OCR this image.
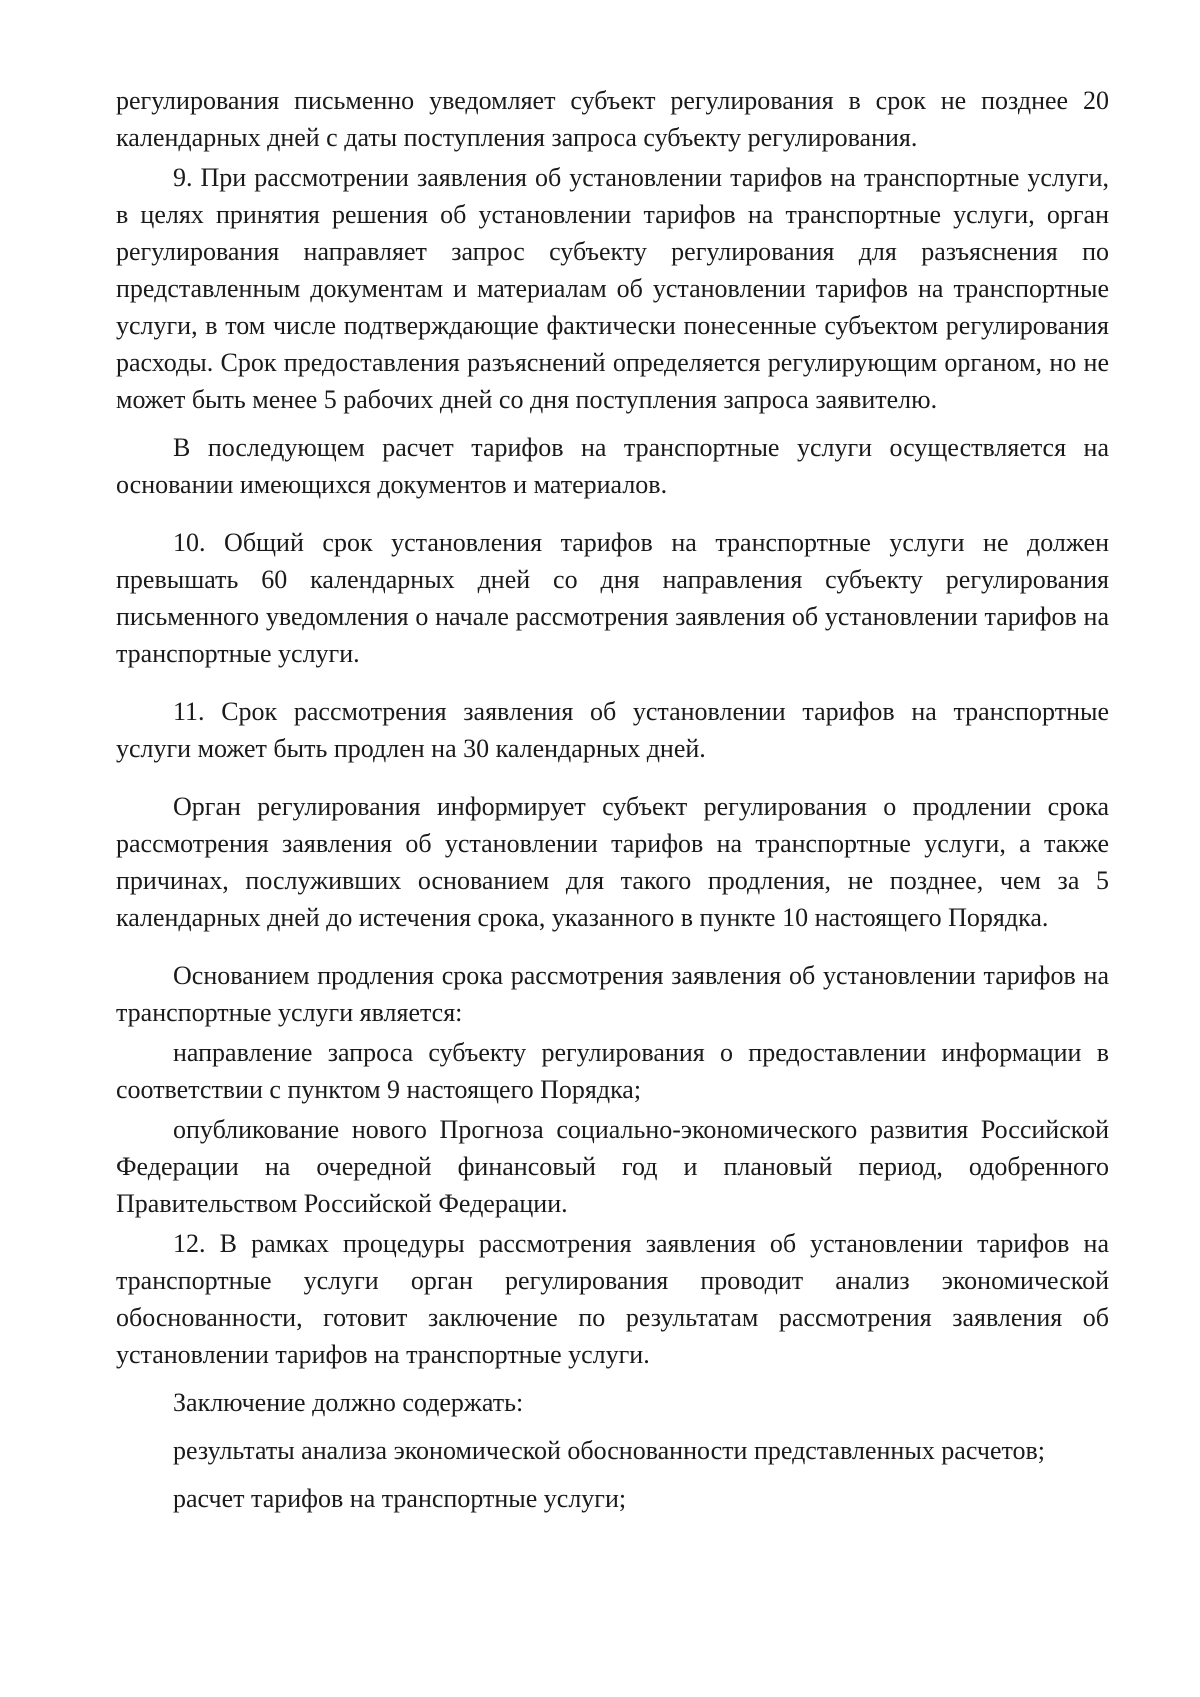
регулирования письменно уведомляет субъект регулирования в срок не позднее 20 календарных дней с даты поступления запроса субъекту регулирования.

9. При рассмотрении заявления об установлении тарифов на транспортные услуги, в целях принятия решения об установлении тарифов на транспортные услуги, орган регулирования направляет запрос субъекту регулирования для разъяснения по представленным документам и материалам об установлении тарифов на транспортные услуги, в том числе подтверждающие фактически понесенные субъектом регулирования расходы. Срок предоставления разъяснений определяется регулирующим органом, но не может быть менее 5 рабочих дней со дня поступления запроса заявителю.

В последующем расчет тарифов на транспортные услуги осуществляется на основании имеющихся документов и материалов.

10. Общий срок установления тарифов на транспортные услуги не должен превышать 60 календарных дней со дня направления субъекту регулирования письменного уведомления о начале рассмотрения заявления об установлении тарифов на транспортные услуги.

11. Срок рассмотрения заявления об установлении тарифов на транспортные услуги может быть продлен на 30 календарных дней.

Орган регулирования информирует субъект регулирования о продлении срока рассмотрения заявления об установлении тарифов на транспортные услуги, а также причинах, послуживших основанием для такого продления, не позднее, чем за 5 календарных дней до истечения срока, указанного в пункте 10 настоящего Порядка.

Основанием продления срока рассмотрения заявления об установлении тарифов на транспортные услуги является:

направление запроса субъекту регулирования о предоставлении информации в соответствии с пунктом 9 настоящего Порядка;

опубликование нового Прогноза социально-экономического развития Российской Федерации на очередной финансовый год и плановый период, одобренного Правительством Российской Федерации.

12. В рамках процедуры рассмотрения заявления об установлении тарифов на транспортные услуги орган регулирования проводит анализ экономической обоснованности, готовит заключение по результатам рассмотрения заявления об установлении тарифов на транспортные услуги.

Заключение должно содержать:

результаты анализа экономической обоснованности представленных расчетов;

расчет тарифов на транспортные услуги;
